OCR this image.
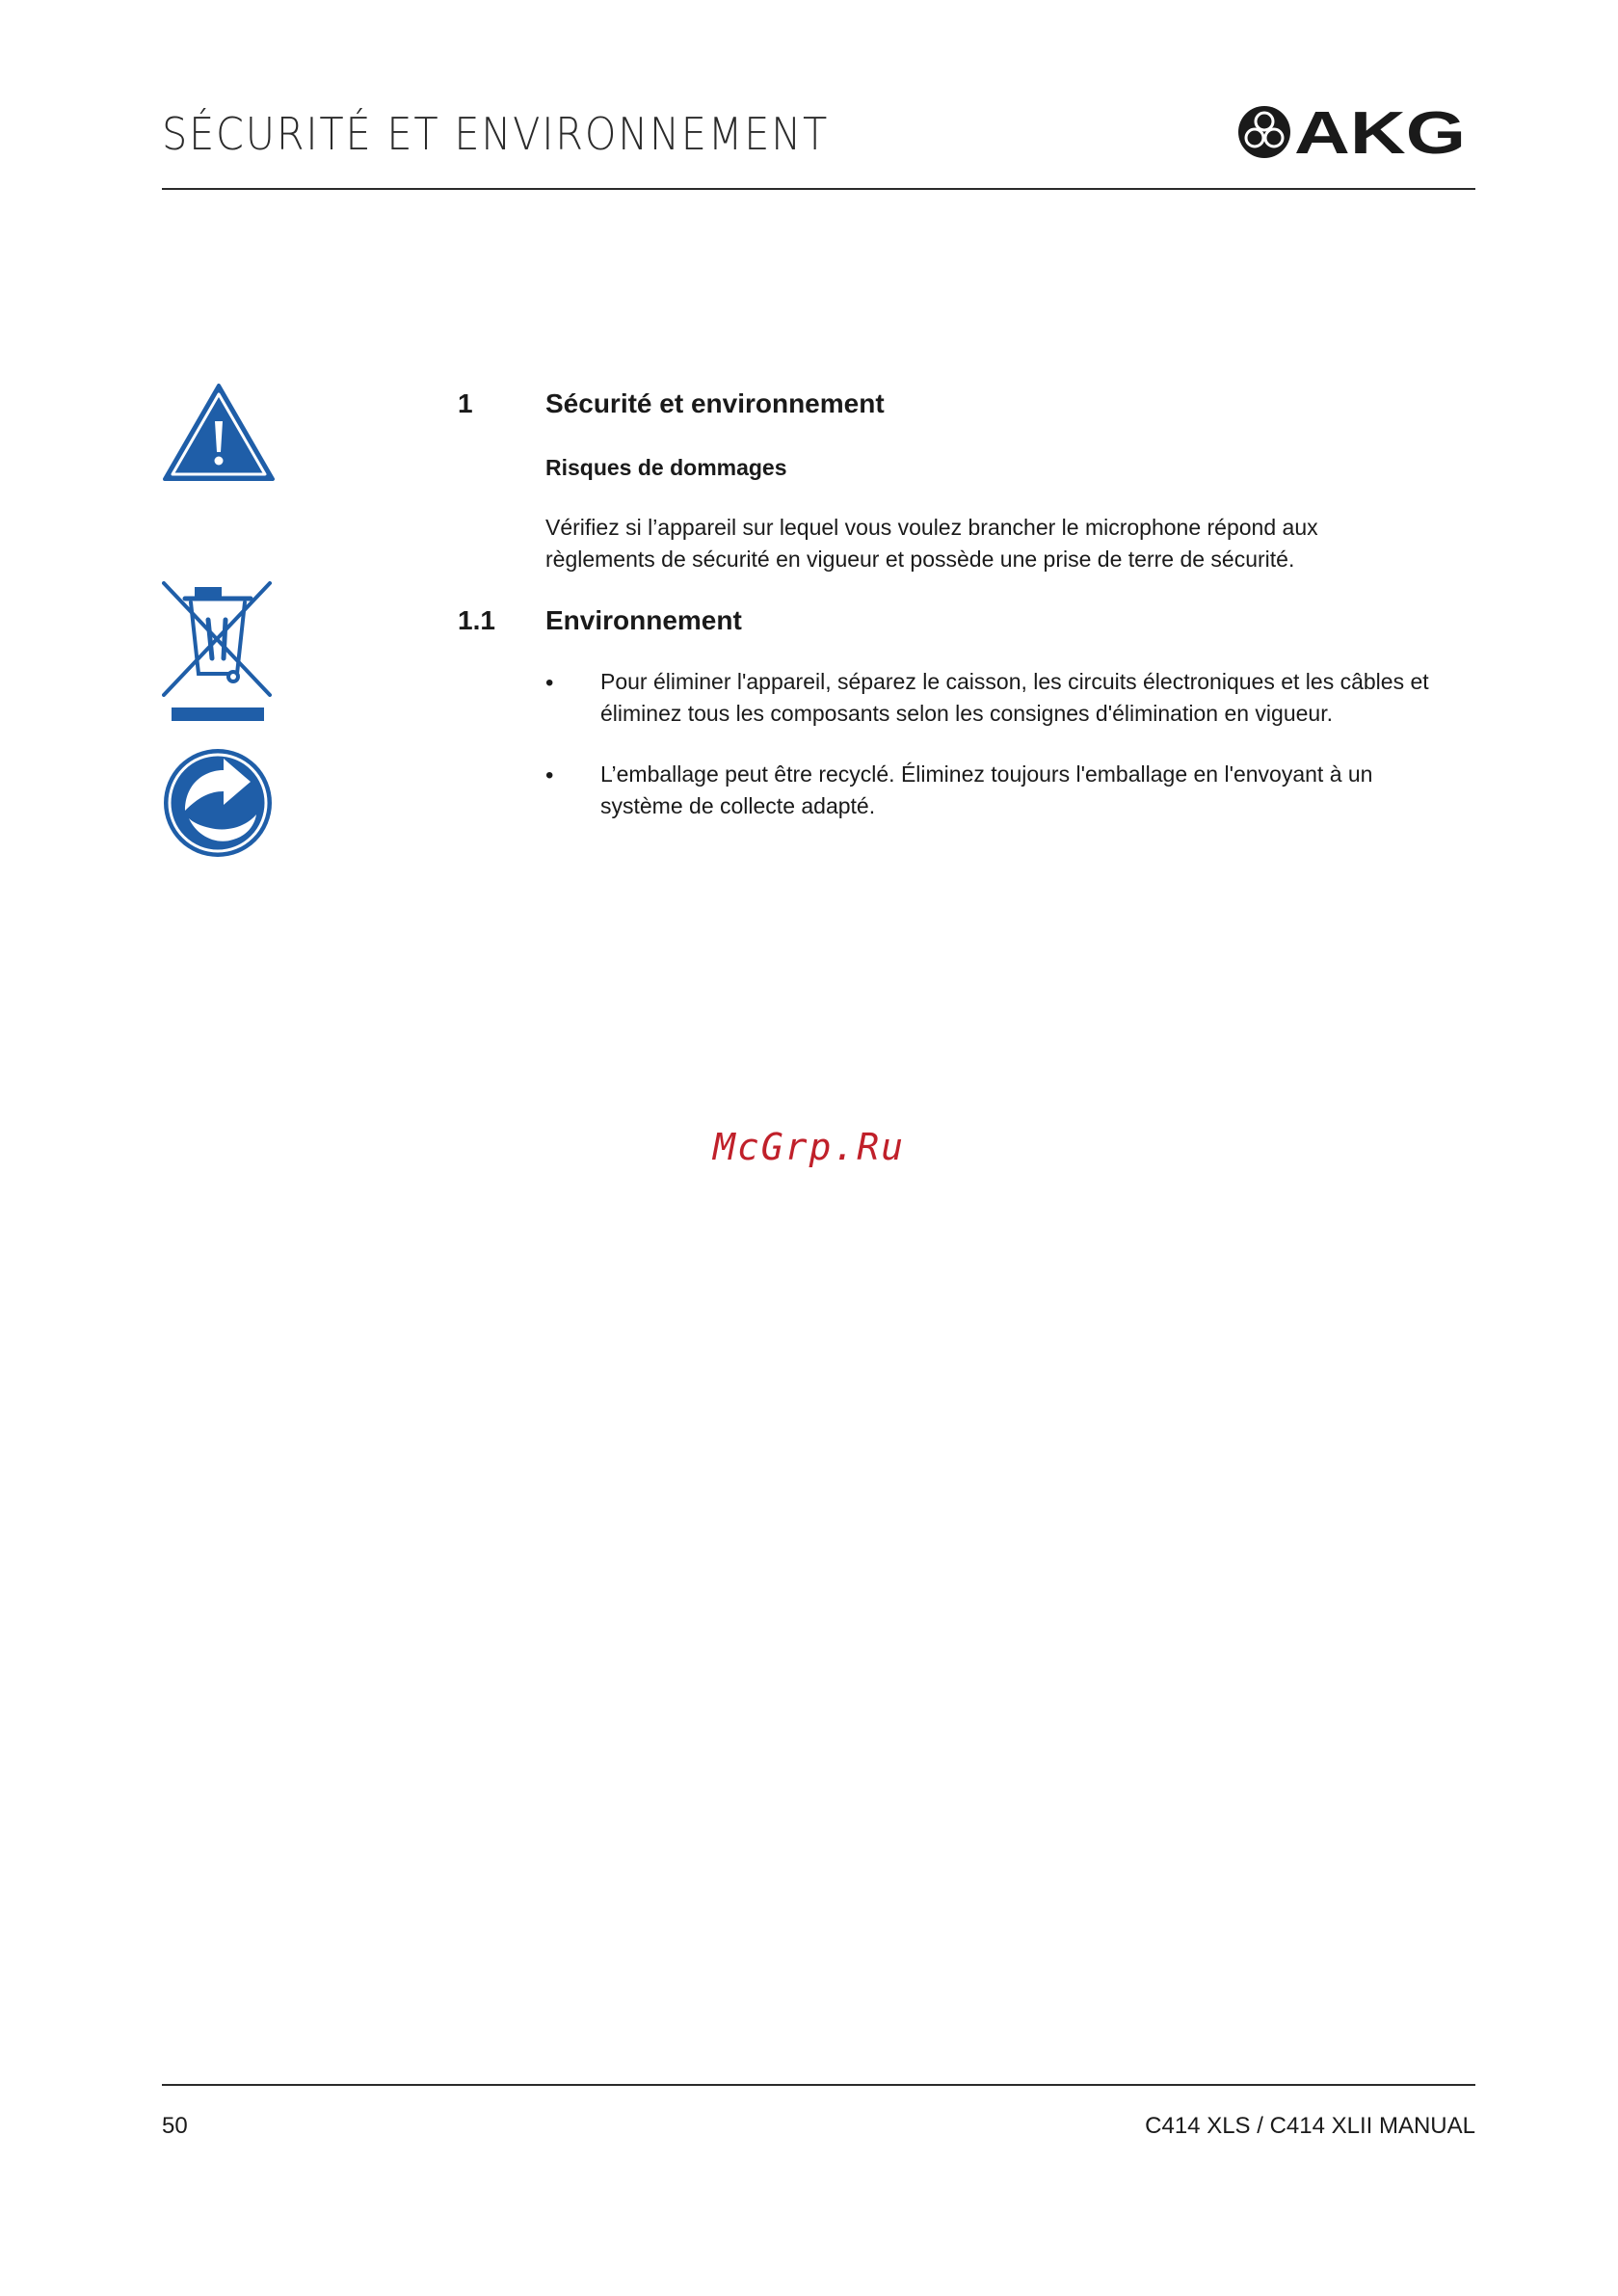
SÉCURITÉ ET ENVIRONNEMENT	AKG
1	Sécurité et environnement
Risques de dommages
Vérifiez si l’appareil sur lequel vous voulez brancher le microphone répond aux
règlements de sécurité en vigueur et possède une prise de terre de sécurité.
1.1 Environnement
• Pour éliminer l'appareil, séparez le caisson, les circuits électroniques et les câbles et
éliminez tous les composants selon les consignes d'élimination en vigueur.
• L’emballage peut être recyclé. Éliminez toujours l'emballage en l'envoyant à un
système de collecte adapté.
McGrp.Ru
50	C414 XLS / C414 XLII MANUAL
